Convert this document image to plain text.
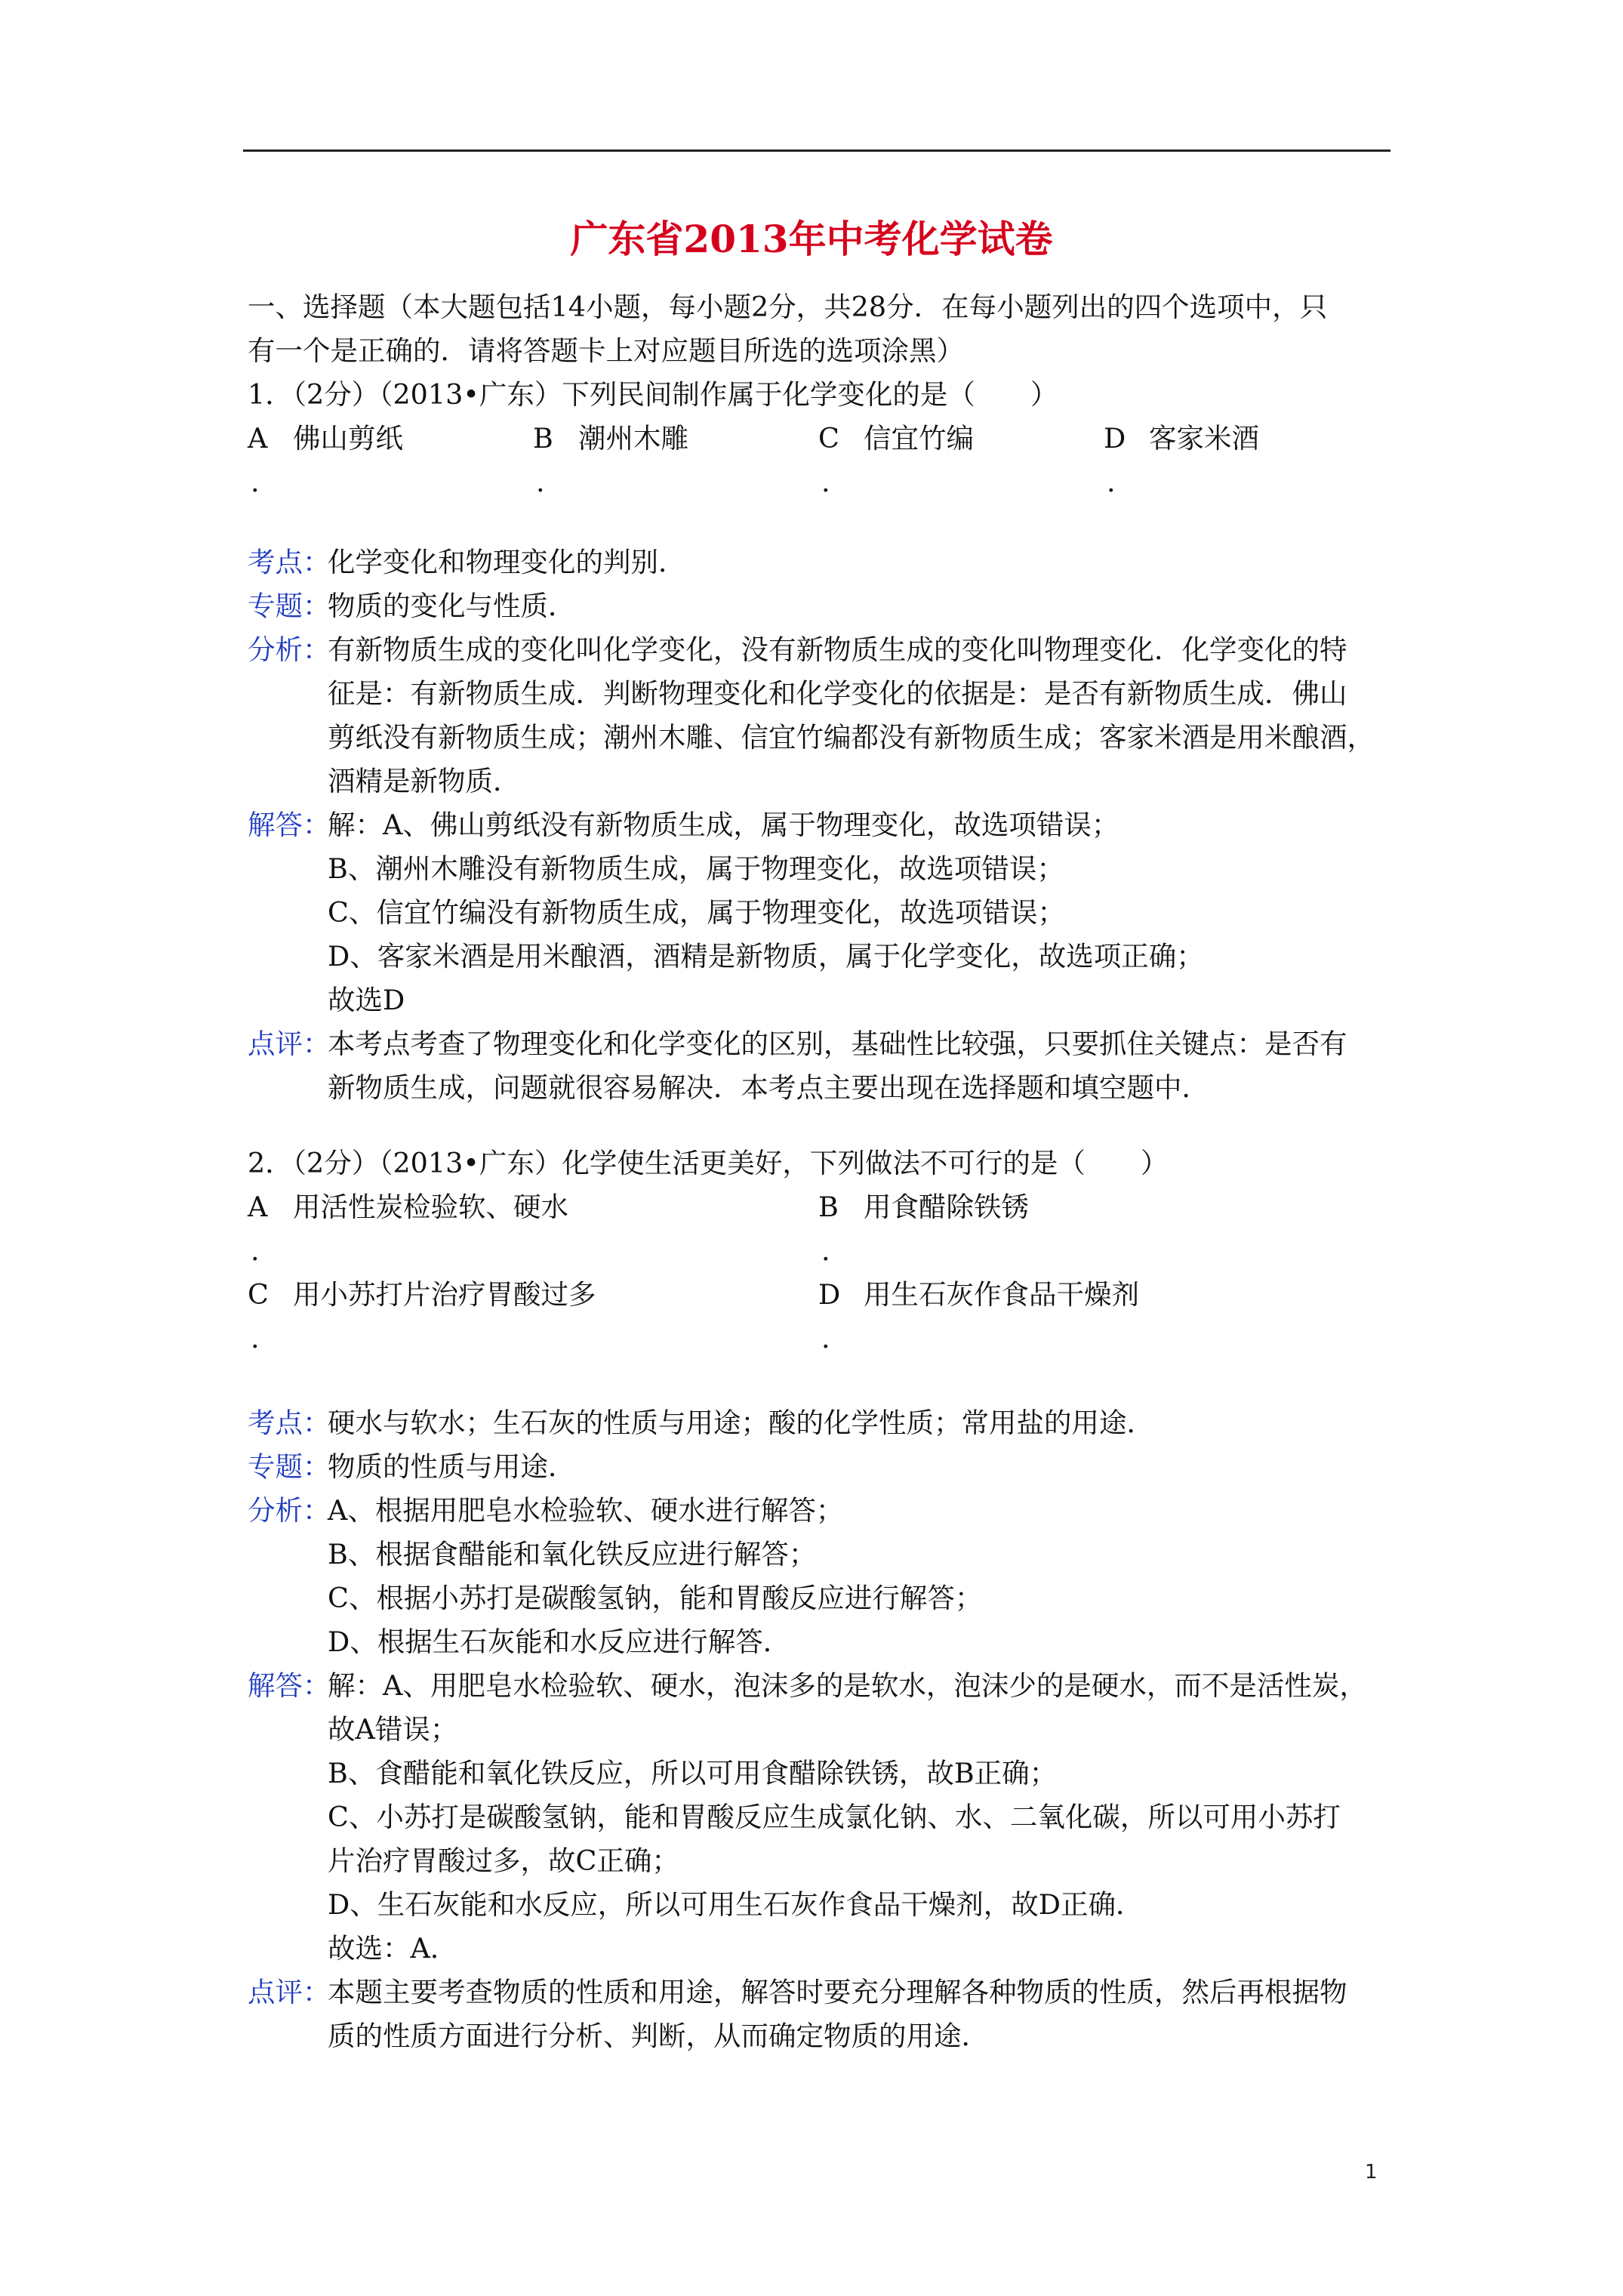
广东省2013年中考化学试卷
一、选择题（本大题包括14小题，每小题2分，共28分．在每小题列出的四个选项中，只
有一个是正确的．请将答题卡上对应题目所选的选项涂黑）
1．（2分）（2013•广东）下列民间制作属于化学变化的是（　　）
A 佛山剪纸
.
B 潮州木雕
.
C 信宜竹编
.
D 客家米酒
.
考点：
化学变化和物理变化的判别．
专题：
物质的变化与性质．
分析：
有新物质生成的变化叫化学变化，没有新物质生成的变化叫物理变化．化学变化的特
征是：有新物质生成．判断物理变化和化学变化的依据是：是否有新物质生成．佛山
剪纸没有新物质生成；潮州木雕、信宜竹编都没有新物质生成；客家米酒是用米酿酒，
酒精是新物质．
解答：
解：A、佛山剪纸没有新物质生成，属于物理变化，故选项错误；
B、潮州木雕没有新物质生成，属于物理变化，故选项错误；
C、信宜竹编没有新物质生成，属于物理变化，故选项错误；
D、客家米酒是用米酿酒，酒精是新物质，属于化学变化，故选项正确；
故选D
点评：
本考点考查了物理变化和化学变化的区别，基础性比较强，只要抓住关键点：是否有
新物质生成，问题就很容易解决．本考点主要出现在选择题和填空题中．
2．（2分）（2013•广东）化学使生活更美好，下列做法不可行的是（　　）
A 用活性炭检验软、硬水
.
B 用食醋除铁锈
.
C 用小苏打片治疗胃酸过多
.
D 用生石灰作食品干燥剂
.
考点：
硬水与软水；生石灰的性质与用途；酸的化学性质；常用盐的用途．
专题：
物质的性质与用途．
分析：
A、根据用肥皂水检验软、硬水进行解答；
B、根据食醋能和氧化铁反应进行解答；
C、根据小苏打是碳酸氢钠，能和胃酸反应进行解答；
D、根据生石灰能和水反应进行解答．
解答：
解：A、用肥皂水检验软、硬水，泡沫多的是软水，泡沫少的是硬水，而不是活性炭，
故A错误；
B、食醋能和氧化铁反应，所以可用食醋除铁锈，故B正确；
C、小苏打是碳酸氢钠，能和胃酸反应生成氯化钠、水、二氧化碳，所以可用小苏打
片治疗胃酸过多，故C正确；
D、生石灰能和水反应，所以可用生石灰作食品干燥剂，故D正确．
故选：A．
点评：
本题主要考查物质的性质和用途，解答时要充分理解各种物质的性质，然后再根据物
质的性质方面进行分析、判断，从而确定物质的用途．
1
